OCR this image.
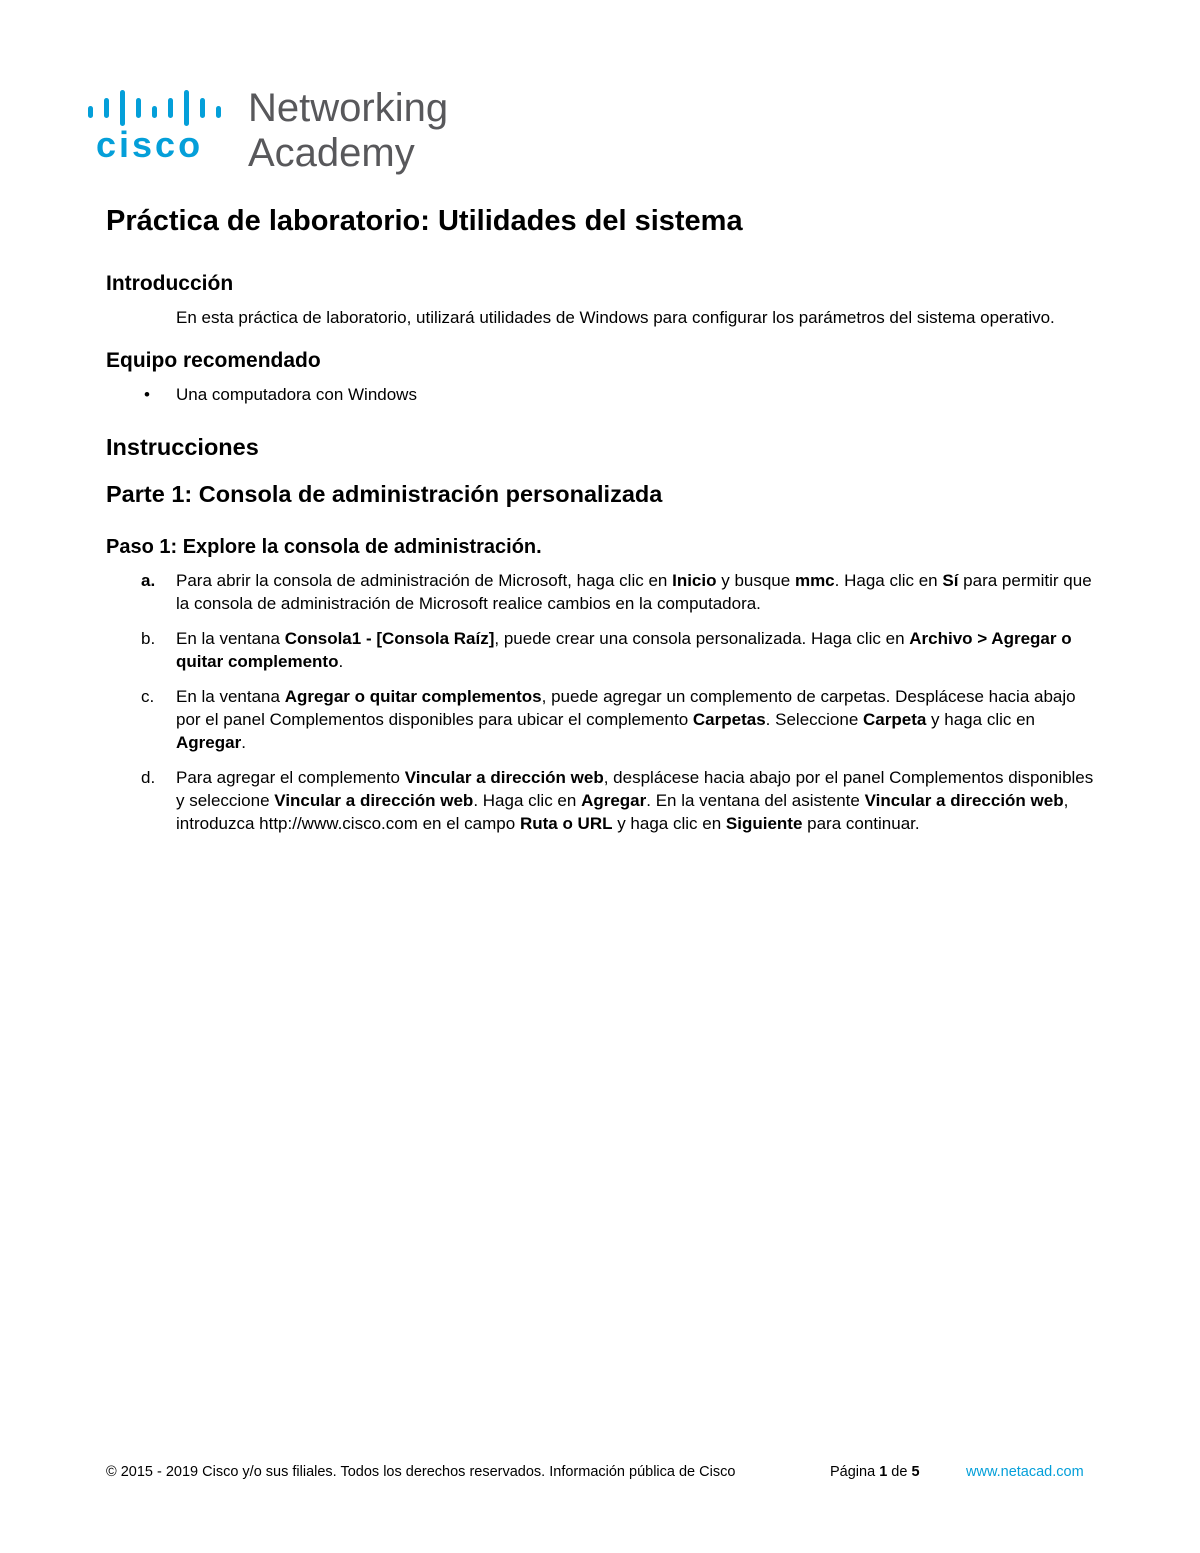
cisco
Networking
Academy
Práctica de laboratorio: Utilidades del sistema
Introducción

En esta práctica de laboratorio, utilizará utilidades de Windows para configurar los parámetros del sistema operativo.

Equipo recomendado
• Una computadora con Windows
Instrucciones
Parte 1: Consola de administración personalizada
Paso 1: Explore la consola de administración.
a. Para abrir la consola de administración de Microsoft, haga clic en Inicio y busque mmc. Haga clic en Sí para permitir que la consola de administración de Microsoft realice cambios en la computadora.
b. En la ventana Consola1 - [Consola Raíz], puede crear una consola personalizada. Haga clic en Archivo > Agregar o quitar complemento.
c. En la ventana Agregar o quitar complementos, puede agregar un complemento de carpetas. Desplácese hacia abajo por el panel Complementos disponibles para ubicar el complemento Carpetas. Seleccione Carpeta y haga clic en Agregar.
d. Para agregar el complemento Vincular a dirección web, desplácese hacia abajo por el panel Complementos disponibles y seleccione Vincular a dirección web. Haga clic en Agregar. En la ventana del asistente Vincular a dirección web, introduzca http://www.cisco.com en el campo Ruta o URL y haga clic en Siguiente para continuar.
© 2015 - 2019 Cisco y/o sus filiales. Todos los derechos reservados. Información pública de Cisco	Página 1 de 5	www.netacad.com
